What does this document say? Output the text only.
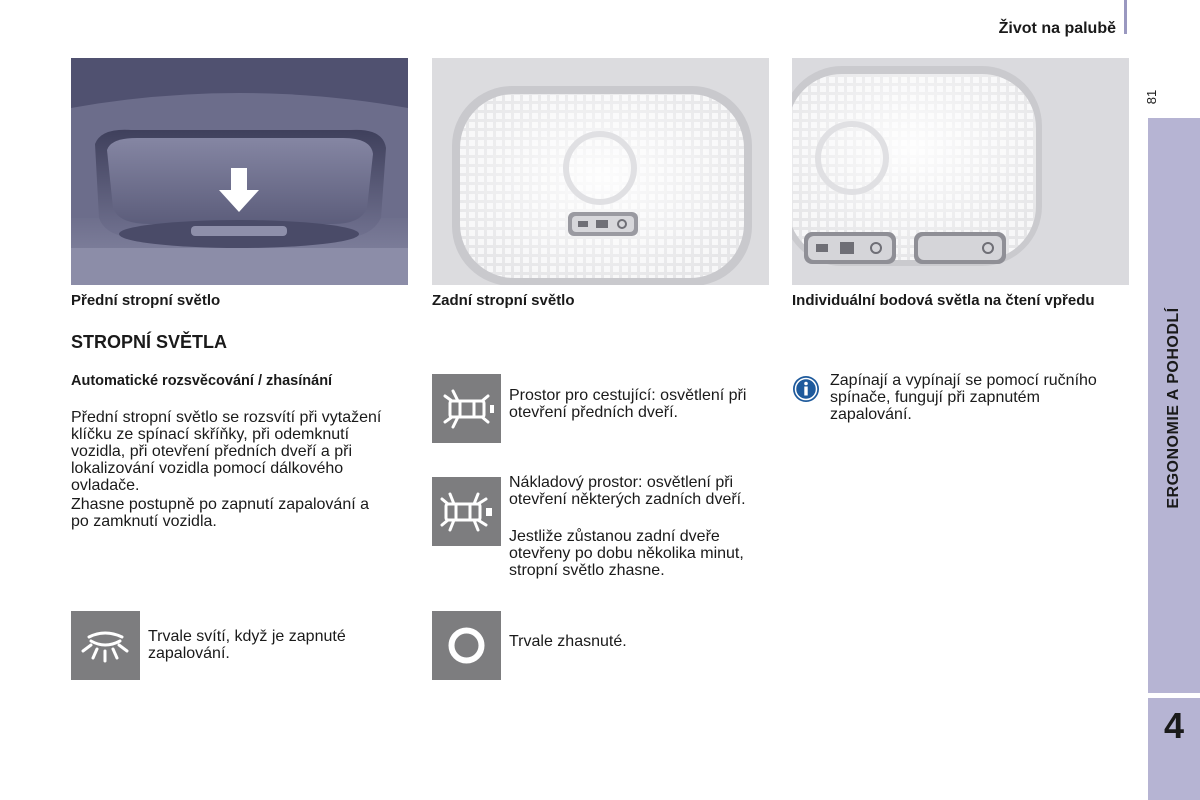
Život na palubě
81
ERGONOMIE A POHODLÍ
4
Přední stropní světlo	Zadní stropní světlo	Individuální bodová světla na čtení vpředu
STROPNÍ SVĚTLA
Automatické rozsvěcování / zhasínání
Přední stropní světlo se rozsvítí při vytažení klíčku ze spínací skříňky, při odemknutí vozidla, při otevření předních dveří a při lokalizování vozidla pomocí dálkového ovladače.
Zhasne postupně po zapnutí zapalování a po zamknutí vozidla.
Prostor pro cestující: osvětlení při otevření předních dveří.
Nákladový prostor: osvětlení při otevření některých zadních dveří.
Jestliže zůstanou zadní dveře otevřeny po dobu několika minut, stropní světlo zhasne.
Trvale svítí, když je zapnuté zapalování.
Trvale zhasnuté.
Zapínají a vypínají se pomocí ručního spínače, fungují při zapnutém zapalování.
